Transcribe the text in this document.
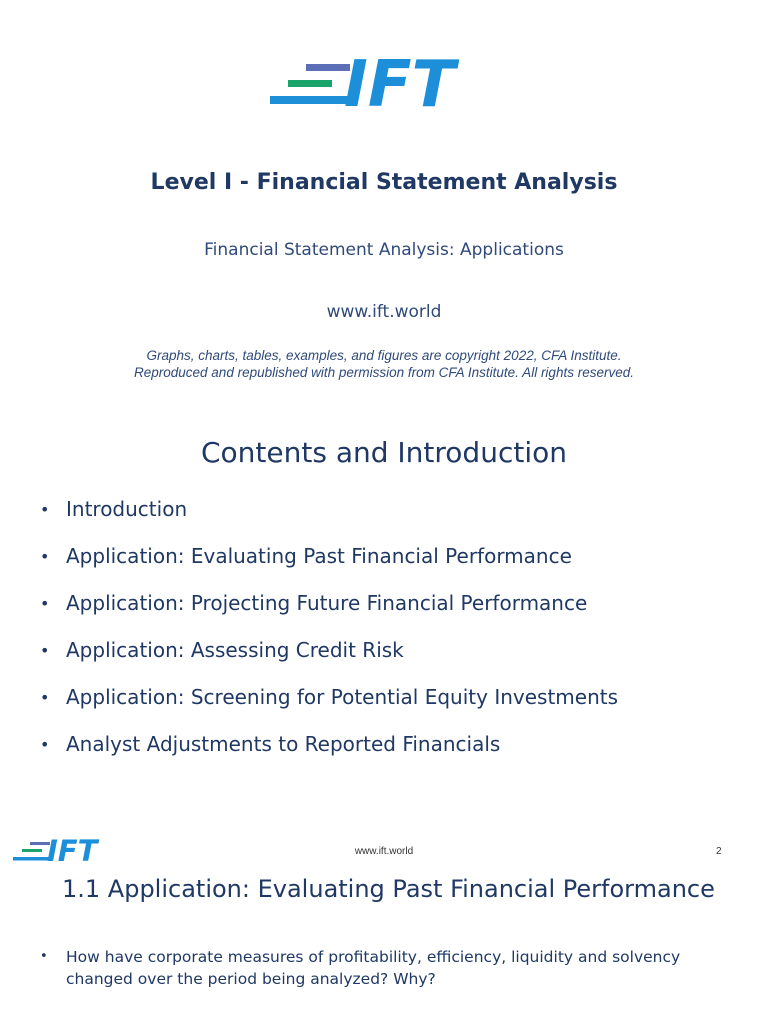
IFT
Level I - Financial Statement Analysis
Financial Statement Analysis: Applications
www.ift.world
Graphs, charts, tables, examples, and figures are copyright 2022, CFA Institute.
Reproduced and republished with permission from CFA Institute. All rights reserved.
Contents and Introduction
• Introduction
• Application: Evaluating Past Financial Performance
• Application: Projecting Future Financial Performance
• Application: Assessing Credit Risk
• Application: Screening for Potential Equity Investments
• Analyst Adjustments to Reported Financials
IFT	www.ift.world	2
1.1 Application: Evaluating Past Financial Performance
•	How have corporate measures of profitability, efficiency, liquidity and solvency changed over the period being analyzed? Why?
